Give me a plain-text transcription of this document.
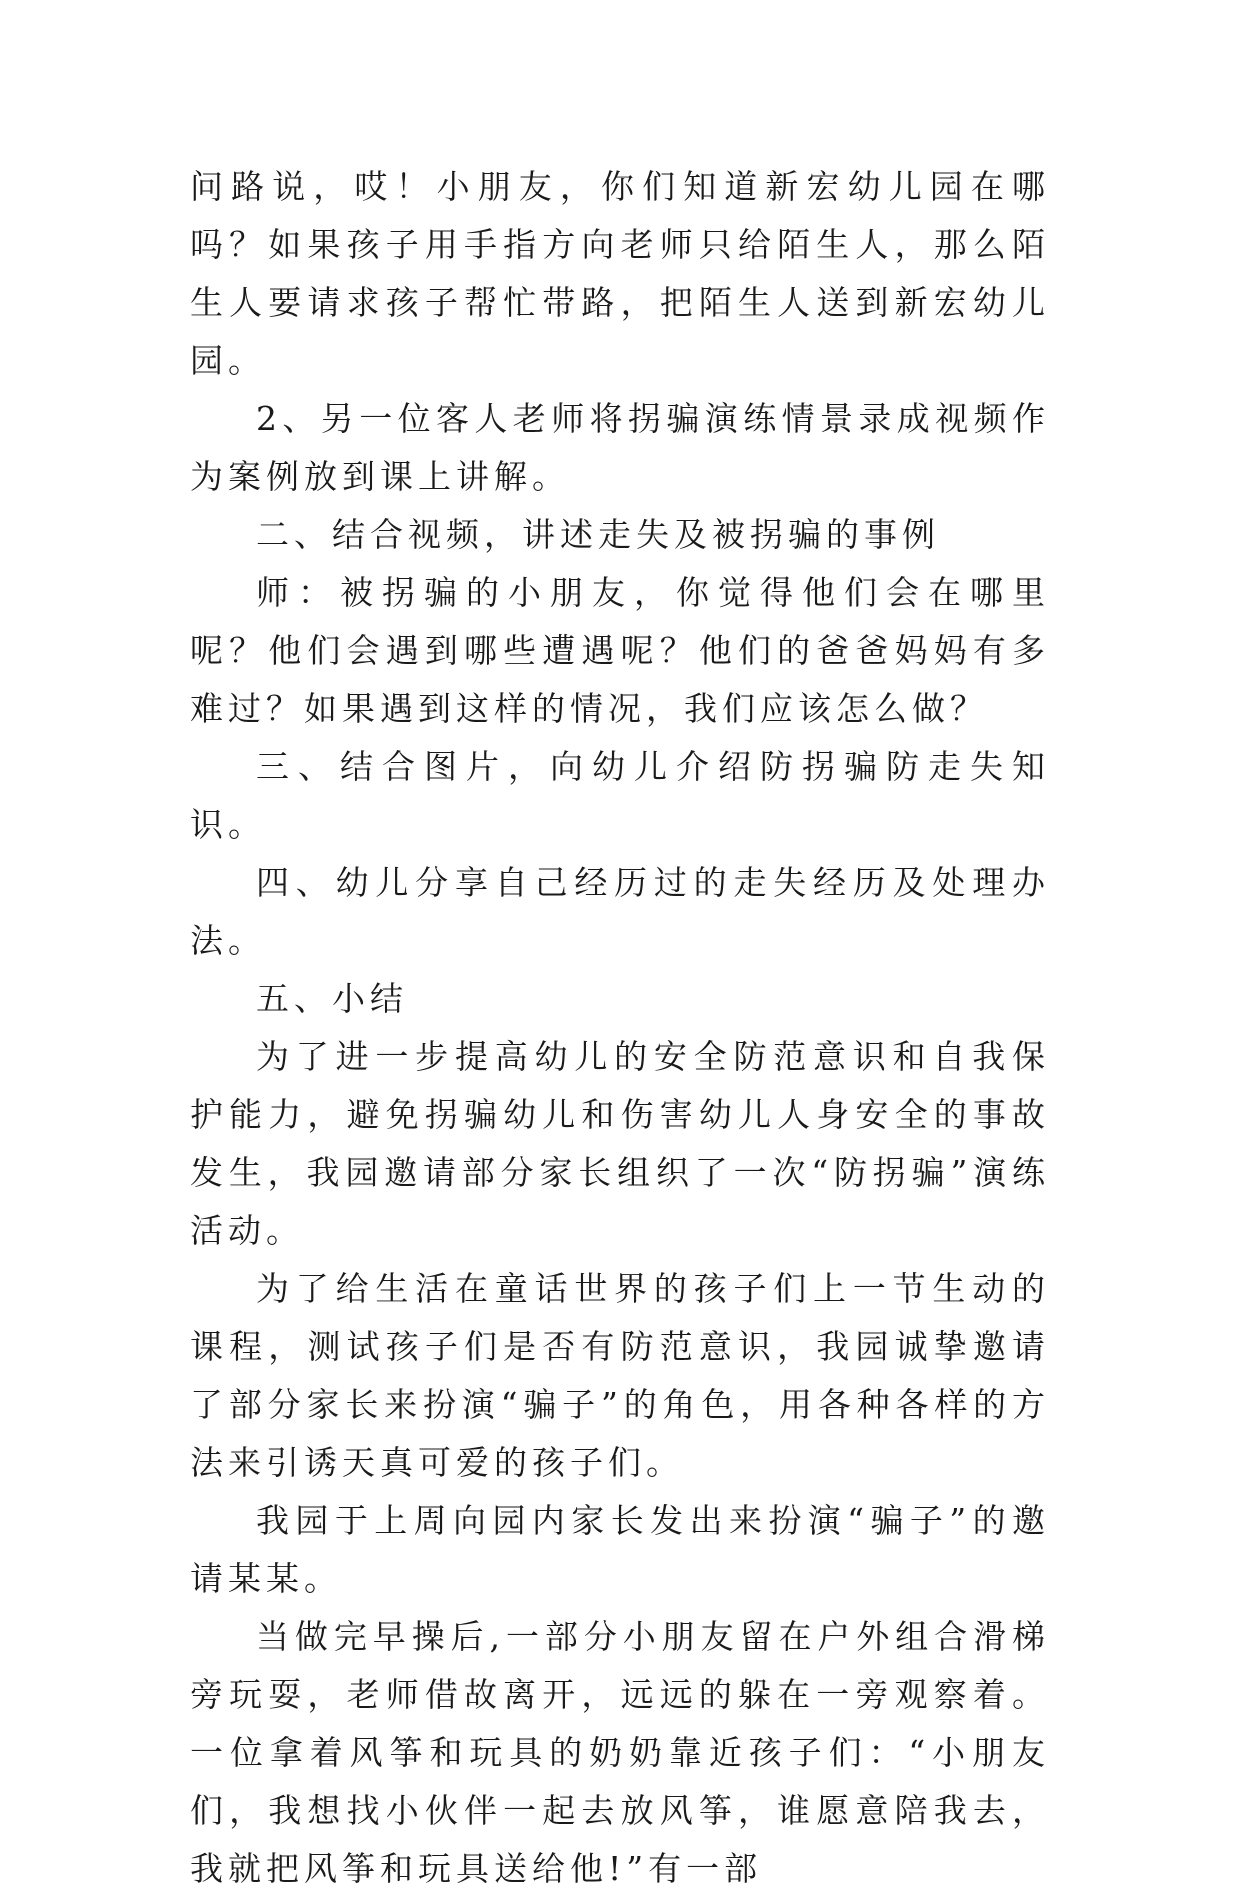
问路说，哎！小朋友，你们知道新宏幼儿园在哪吗？如果孩子用手指方向老师只给陌生人，那么陌生人要请求孩子帮忙带路，把陌生人送到新宏幼儿园。

2、另一位客人老师将拐骗演练情景录成视频作为案例放到课上讲解。

二、结合视频，讲述走失及被拐骗的事例

师：被拐骗的小朋友，你觉得他们会在哪里呢？他们会遇到哪些遭遇呢？他们的爸爸妈妈有多难过？如果遇到这样的情况，我们应该怎么做？

三、结合图片，向幼儿介绍防拐骗防走失知识。

四、幼儿分享自己经历过的走失经历及处理办法。

五、小结

为了进一步提高幼儿的安全防范意识和自我保护能力，避免拐骗幼儿和伤害幼儿人身安全的事故发生，我园邀请部分家长组织了一次“防拐骗”演练活动。

为了给生活在童话世界的孩子们上一节生动的课程，测试孩子们是否有防范意识，我园诚挚邀请了部分家长来扮演“骗子”的角色，用各种各样的方法来引诱天真可爱的孩子们。

我园于上周向园内家长发出来扮演“骗子”的邀请某某。

当做完早操后,一部分小朋友留在户外组合滑梯旁玩耍，老师借故离开，远远的躲在一旁观察着。一位拿着风筝和玩具的奶奶靠近孩子们：“小朋友们，我想找小伙伴一起去放风筝，谁愿意陪我去，我就把风筝和玩具送给他!”有一部
